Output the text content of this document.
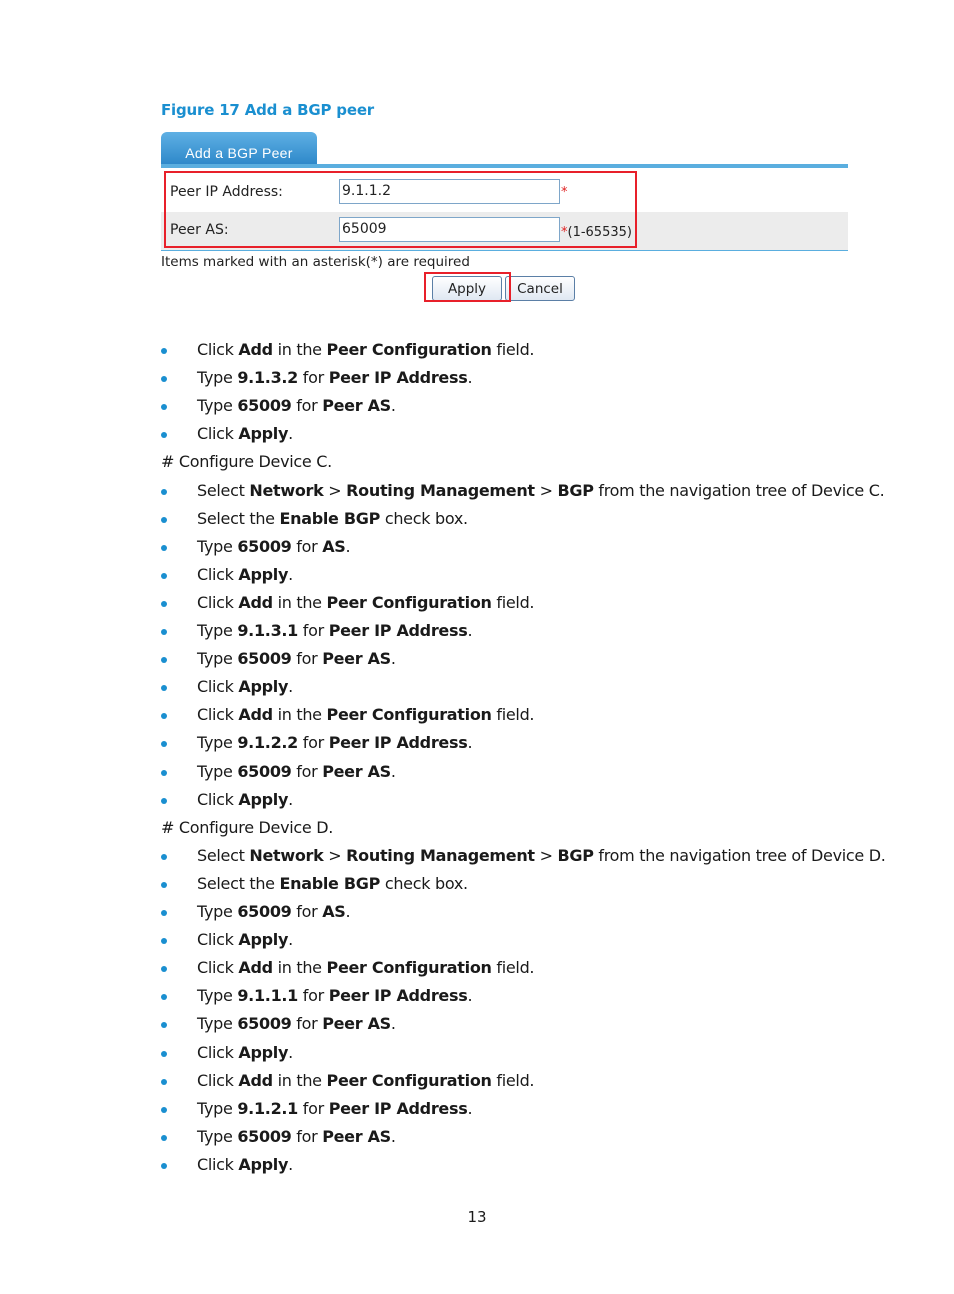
Figure 17 Add a BGP peer
Add a BGP Peer
Peer IP Address:	9.1.1.2	*
Peer AS:	65009	*(1-65535)
Items marked with an asterisk(*) are required
Apply	Cancel
Click Add in the Peer Configuration field.
Type 9.1.3.2 for Peer IP Address.
Type 65009 for Peer AS.
Click Apply.
# Configure Device C.
Select Network > Routing Management > BGP from the navigation tree of Device C.
Select the Enable BGP check box.
Type 65009 for AS.
Click Apply.
Click Add in the Peer Configuration field.
Type 9.1.3.1 for Peer IP Address.
Type 65009 for Peer AS.
Click Apply.
Click Add in the Peer Configuration field.
Type 9.1.2.2 for Peer IP Address.
Type 65009 for Peer AS.
Click Apply.
# Configure Device D.
Select Network > Routing Management > BGP from the navigation tree of Device D.
Select the Enable BGP check box.
Type 65009 for AS.
Click Apply.
Click Add in the Peer Configuration field.
Type 9.1.1.1 for Peer IP Address.
Type 65009 for Peer AS.
Click Apply.
Click Add in the Peer Configuration field.
Type 9.1.2.1 for Peer IP Address.
Type 65009 for Peer AS.
Click Apply.
13
